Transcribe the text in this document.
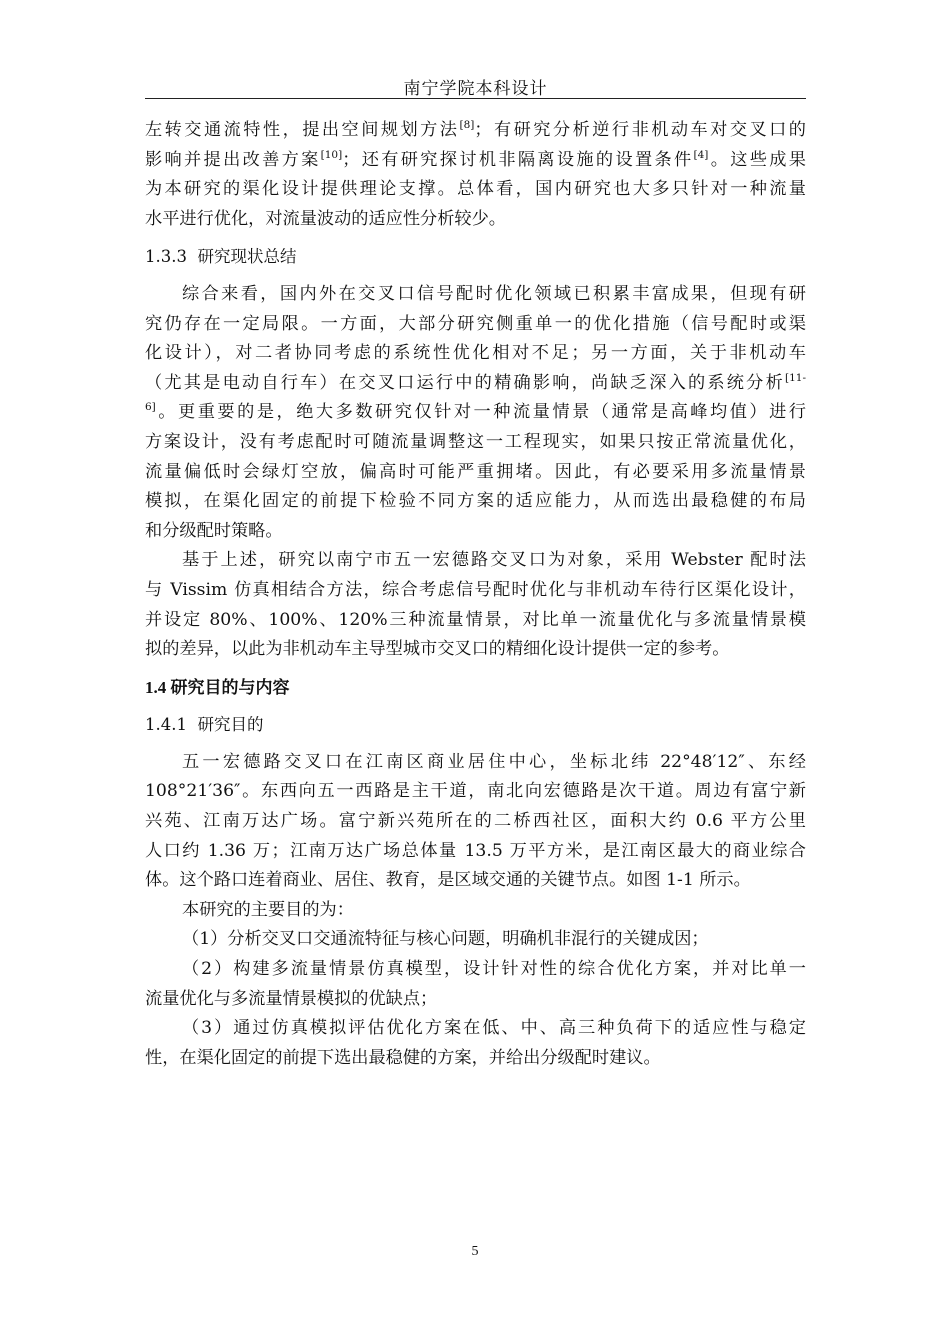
南宁学院本科设计
左转交通流特性，提出空间规划方法[8]；有研究分析逆行非机动车对交叉口的
影响并提出改善方案[10]；还有研究探讨机非隔离设施的设置条件[4]。这些成果
为本研究的渠化设计提供理论支撑。总体看，国内研究也大多只针对一种流量
水平进行优化，对流量波动的适应性分析较少。
1.3.3 研究现状总结
综合来看，国内外在交叉口信号配时优化领域已积累丰富成果，但现有研
究仍存在一定局限。一方面，大部分研究侧重单一的优化措施（信号配时或渠
化设计），对二者协同考虑的系统性优化相对不足；另一方面，关于非机动车
（尤其是电动自行车）在交叉口运行中的精确影响，尚缺乏深入的系统分析$^{[11-}$
$^{6]}$。更重要的是，绝大多数研究仅针对一种流量情景（通常是高峰均值）进行
方案设计，没有考虑配时可随流量调整这一工程现实，如果只按正常流量优化，
流量偏低时会绿灯空放，偏高时可能严重拥堵。因此，有必要采用多流量情景
模拟，在渠化固定的前提下检验不同方案的适应能力，从而选出最稳健的布局
和分级配时策略。
基于上述，研究以南宁市五一宏德路交叉口为对象，采用 Webster 配时法
与 Vissim 仿真相结合方法，综合考虑信号配时优化与非机动车待行区渠化设计，
并设定 80%、100%、120%三种流量情景，对比单一流量优化与多流量情景模
拟的差异，以此为非机动车主导型城市交叉口的精细化设计提供一定的参考。
1.4 研究目的与内容
1.4.1 研究目的
五一宏德路交叉口在江南区商业居住中心，坐标北纬 22°48′12″、东经
108°21′36″。东西向五一西路是主干道，南北向宏德路是次干道。周边有富宁新
兴苑、江南万达广场。富宁新兴苑所在的二桥西社区，面积大约 0.6 平方公里
人口约 1.36 万；江南万达广场总体量 13.5 万平方米，是江南区最大的商业综合
体。这个路口连着商业、居住、教育，是区域交通的关键节点。如图 1-1 所示。
本研究的主要目的为：
（1）分析交叉口交通流特征与核心问题，明确机非混行的关键成因；
（2）构建多流量情景仿真模型，设计针对性的综合优化方案，并对比单一
流量优化与多流量情景模拟的优缺点；
（3）通过仿真模拟评估优化方案在低、中、高三种负荷下的适应性与稳定
性，在渠化固定的前提下选出最稳健的方案，并给出分级配时建议。
5
